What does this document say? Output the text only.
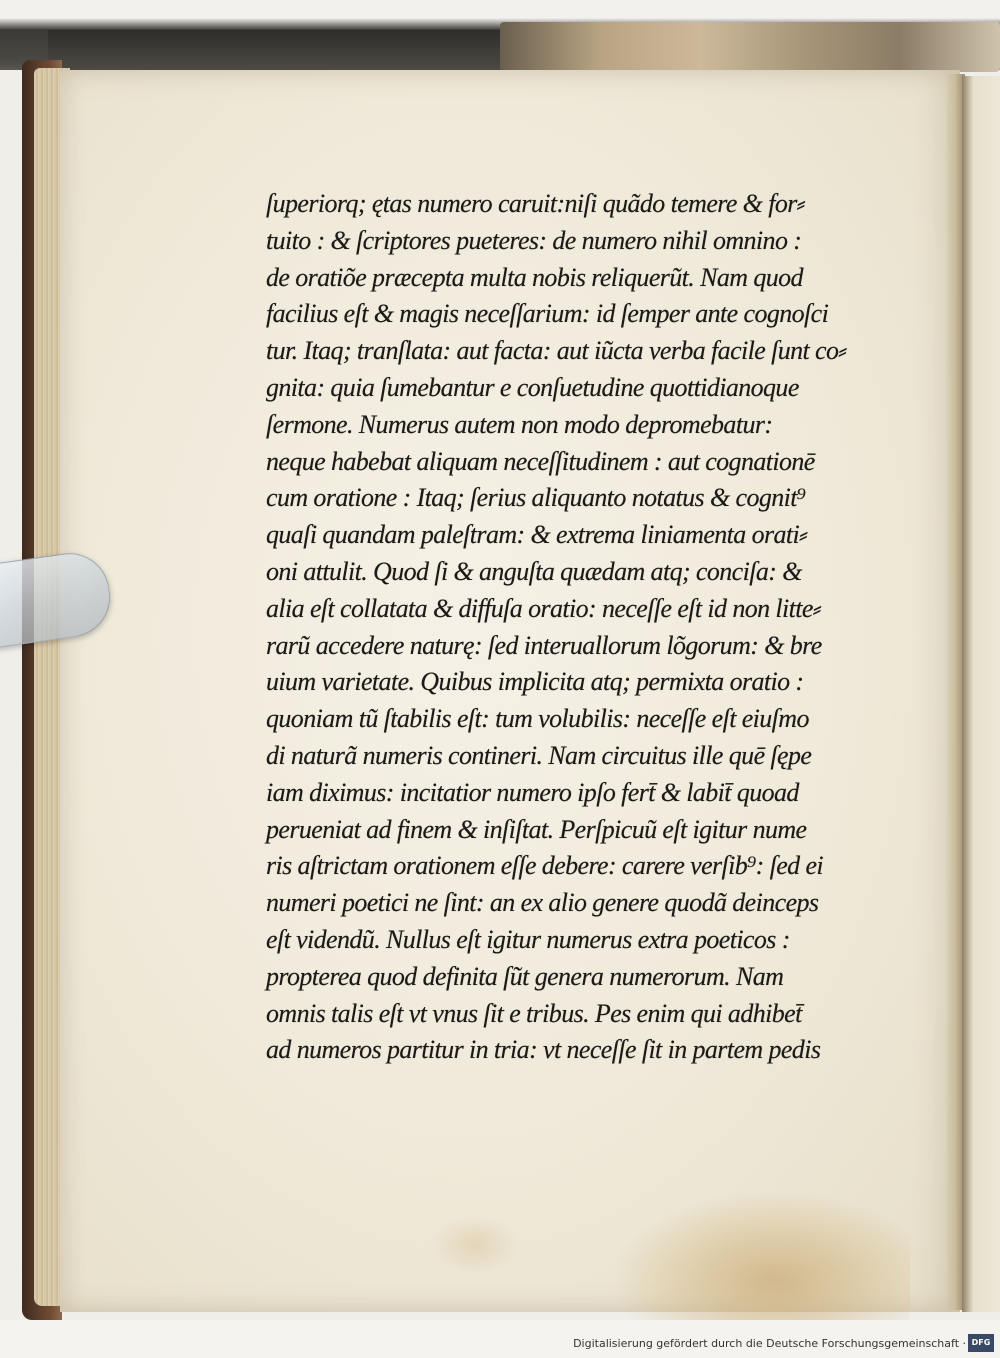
ſuperiorq; ętas numero caruit:niſi quãdo temere & for⸗
tuito : & ſcriptores pueteres: de numero nihil omnino :
de oratiõe præcepta multa nobis reliquerũt. Nam quod
facilius eſt & magis neceſſarium: id ſemper ante cognoſci
tur. Itaq; tranſlata: aut facta: aut iũcta verba facile ſunt co⸗
gnita: quia ſumebantur e conſuetudine quottidianoque
ſermone. Numerus autem non modo depromebatur:
neque habebat aliquam neceſſitudinem : aut cognationē
cum oratione : Itaq; ſerius aliquanto notatus & cognit⁹
quaſi quandam paleſtram: & extrema liniamenta orati⸗
oni attulit. Quod ſi & anguſta quædam atq; conciſa: &
alia eſt collatata & diffuſa oratio: neceſſe eſt id non litte⸗
rarũ accedere naturę: ſed interuallorum lõgorum: & bre
uium varietate. Quibus implicita atq; permixta oratio :
quoniam tũ ſtabilis eſt: tum volubilis: neceſſe eſt eiuſmo
di naturã numeris contineri. Nam circuitus ille quē ſępe
iam diximus: incitatior numero ipſo fert̄ & labit̄ quoad
perueniat ad finem & inſiſtat. Perſpicuũ eſt igitur nume
ris aſtrictam orationem eſſe debere: carere verſib⁹: ſed ei
numeri poetici ne ſint: an ex alio genere quodã deinceps
eſt videndũ. Nullus eſt igitur numerus extra poeticos :
propterea quod definita ſũt genera numerorum. Nam
omnis talis eſt vt vnus ſit e tribus. Pes enim qui adhibet̄
ad numeros partitur in tria: vt neceſſe ſit in partem pedis
Digitalisierung gefördert durch die Deutsche Forschungsgemeinschaft · DFG
